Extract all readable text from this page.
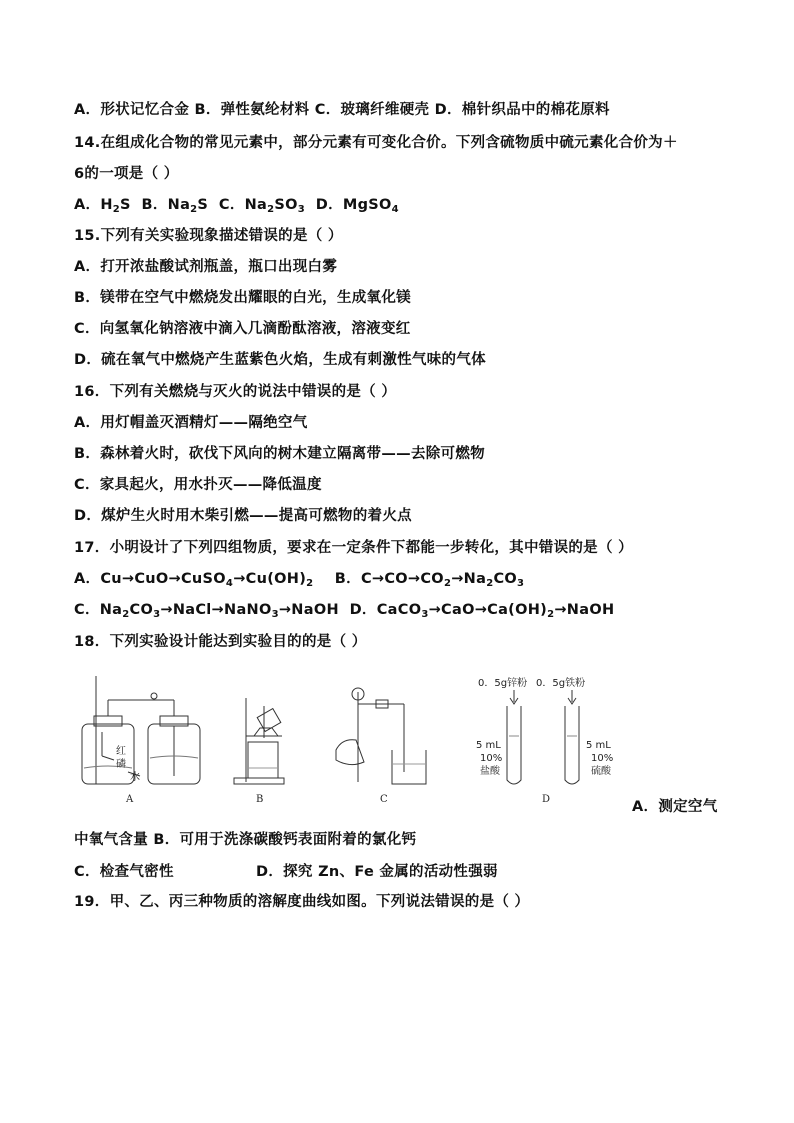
A．形状记忆合金 B．弹性氨纶材料 C．玻璃纤维硬壳 D．棉针织品中的棉花原料
14.在组成化合物的常见元素中，部分元素有可变化合价。下列含硫物质中硫元素化合价为＋
6的一项是（ ）
A．$H_2S$ B．$Na_2S$ C．$Na_2SO_3$ D．MgSO$_4$
15.下列有关实验现象描述错误的是（ ）
A．打开浓盐酸试剂瓶盖，瓶口出现白雾
B．镁带在空气中燃烧发出耀眼的白光，生成氧化镁
C．向氢氧化钠溶液中滴入几滴酚酞溶液，溶液变红
D．硫在氧气中燃烧产生蓝紫色火焰，生成有刺激性气味的气体
16．下列有关燃烧与灭火的说法中错误的是（ ）
A．用灯帽盖灭酒精灯——隔绝空气
B．森林着火时，砍伐下风向的树木建立隔离带——去除可燃物
C．家具起火，用水扑灭——降低温度
D．煤炉生火时用木柴引燃——提高可燃物的着火点
17．小明设计了下列四组物质，要求在一定条件下都能一步转化，其中错误的是（ ）
A．$Cu\to CuO\to CuSO_4\to Cu(OH)_2$ B．$C\to CO\to CO_2\to Na_2CO_3$
C．$Na_2CO_3\to NaCl\to NaNO_3\to NaOH$ D．$CaCO_3\to CaO\to Ca(OH)_2\to NaOH$
18．下列实验设计能达到实验目的的是（ ）
红
磷
水
A	B	C
0．5g锌粉 0．5g铁粉
5 mL
10%
盐酸
5 mL
10%
硫酸
D	A．测定空气
中氧气含量 B．可用于洗涤碳酸钙表面附着的氯化钙
C．检查气密性	D．探究 Zn、Fe 金属的活动性强弱
19．甲、乙、丙三种物质的溶解度曲线如图。下列说法错误的是（ ）
